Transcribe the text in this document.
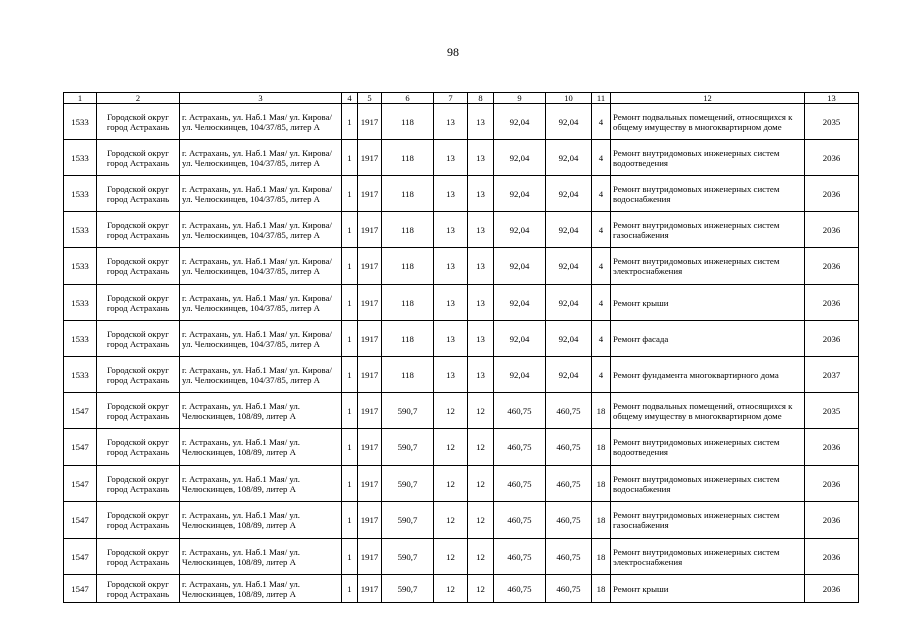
98
1	2	3	4	5	6	7	8	9	10	11	12	13
1533	Городской округ город Астрахань	г. Астрахань, ул. Наб.1 Мая/ ул. Кирова/ ул. Челюскинцев, 104/37/85, литер А	1	1917	118	13	13	92,04	92,04	4	Ремонт подвальных помещений, относящихся к общему имуществу в многоквартирном доме	2035
1533	Городской округ город Астрахань	г. Астрахань, ул. Наб.1 Мая/ ул. Кирова/ ул. Челюскинцев, 104/37/85, литер А	1	1917	118	13	13	92,04	92,04	4	Ремонт внутридомовых инженерных систем водоотведения	2036
1533	Городской округ город Астрахань	г. Астрахань, ул. Наб.1 Мая/ ул. Кирова/ ул. Челюскинцев, 104/37/85, литер А	1	1917	118	13	13	92,04	92,04	4	Ремонт внутридомовых инженерных систем водоснабжения	2036
1533	Городской округ город Астрахань	г. Астрахань, ул. Наб.1 Мая/ ул. Кирова/ ул. Челюскинцев, 104/37/85, литер А	1	1917	118	13	13	92,04	92,04	4	Ремонт внутридомовых инженерных систем газоснабжения	2036
1533	Городской округ город Астрахань	г. Астрахань, ул. Наб.1 Мая/ ул. Кирова/ ул. Челюскинцев, 104/37/85, литер А	1	1917	118	13	13	92,04	92,04	4	Ремонт внутридомовых инженерных систем электроснабжения	2036
1533	Городской округ город Астрахань	г. Астрахань, ул. Наб.1 Мая/ ул. Кирова/ ул. Челюскинцев, 104/37/85, литер А	1	1917	118	13	13	92,04	92,04	4	Ремонт крыши	2036
1533	Городской округ город Астрахань	г. Астрахань, ул. Наб.1 Мая/ ул. Кирова/ ул. Челюскинцев, 104/37/85, литер А	1	1917	118	13	13	92,04	92,04	4	Ремонт фасада	2036
1533	Городской округ город Астрахань	г. Астрахань, ул. Наб.1 Мая/ ул. Кирова/ ул. Челюскинцев, 104/37/85, литер А	1	1917	118	13	13	92,04	92,04	4	Ремонт фундамента многоквартирного дома	2037
1547	Городской округ город Астрахань	г. Астрахань, ул. Наб.1 Мая/ ул. Челюскинцев, 108/89, литер А	1	1917	590,7	12	12	460,75	460,75	18	Ремонт подвальных помещений, относящихся к общему имуществу в многоквартирном доме	2035
1547	Городской округ город Астрахань	г. Астрахань, ул. Наб.1 Мая/ ул. Челюскинцев, 108/89, литер А	1	1917	590,7	12	12	460,75	460,75	18	Ремонт внутридомовых инженерных систем водоотведения	2036
1547	Городской округ город Астрахань	г. Астрахань, ул. Наб.1 Мая/ ул. Челюскинцев, 108/89, литер А	1	1917	590,7	12	12	460,75	460,75	18	Ремонт внутридомовых инженерных систем водоснабжения	2036
1547	Городской округ город Астрахань	г. Астрахань, ул. Наб.1 Мая/ ул. Челюскинцев, 108/89, литер А	1	1917	590,7	12	12	460,75	460,75	18	Ремонт внутридомовых инженерных систем газоснабжения	2036
1547	Городской округ город Астрахань	г. Астрахань, ул. Наб.1 Мая/ ул. Челюскинцев, 108/89, литер А	1	1917	590,7	12	12	460,75	460,75	18	Ремонт внутридомовых инженерных систем электроснабжения	2036
1547	Городской округ город Астрахань	г. Астрахань, ул. Наб.1 Мая/ ул. Челюскинцев, 108/89, литер А	1	1917	590,7	12	12	460,75	460,75	18	Ремонт крыши	2036
